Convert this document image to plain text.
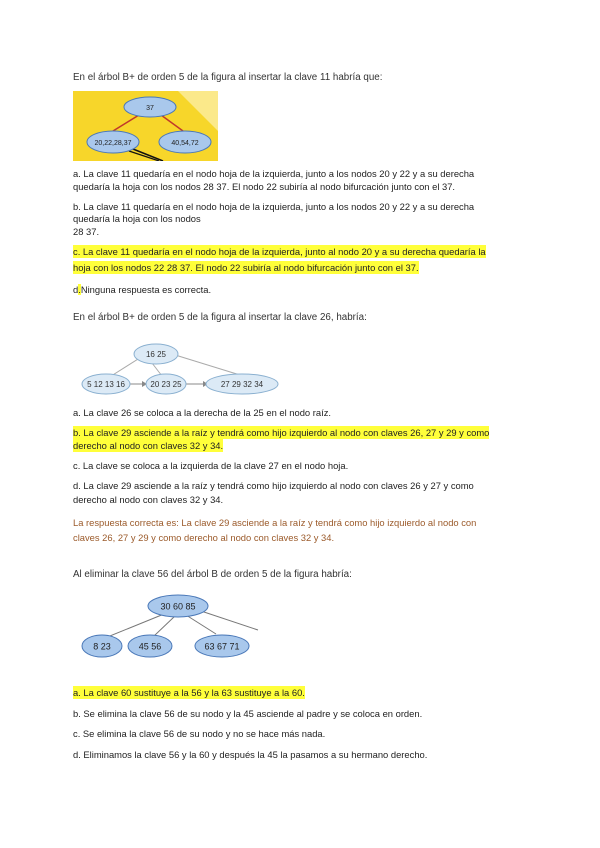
En el árbol B+ de orden 5 de la figura al insertar la clave 11 habría que:
37
20,22,28,37	40,54,72
a. La clave 11 quedaría en el nodo hoja de la izquierda, junto a los nodos 20 y 22 y a su derecha
quedaría la hoja con los nodos 28 37. El nodo 22 subiría al nodo bifurcación junto con el 37.
b. La clave 11 quedaría en el nodo hoja de la izquierda, junto a los nodos 20 y 22 y a su derecha
quedaría la hoja con los nodos
28 37.
c. La clave 11 quedaría en el nodo hoja de la izquierda, junto al nodo 20 y a su derecha quedaría la
hoja con los nodos 22 28 37. El nodo 22 subiría al nodo bifurcación junto con el 37.
d.Ninguna respuesta es correcta.
En el árbol B+ de orden 5 de la figura al insertar la clave 26, habría:
16 25
5 12 13 16	20 23 25	27 29 32 34
a. La clave 26 se coloca a la derecha de la 25 en el nodo raíz.
b. La clave 29 asciende a la raíz y tendrá como hijo izquierdo al nodo con claves 26, 27 y 29 y como
derecho al nodo con claves 32 y 34.
c. La clave se coloca a la izquierda de la clave 27 en el nodo hoja.
d. La clave 29 asciende a la raíz y tendrá como hijo izquierdo al nodo con claves 26 y 27 y como
derecho al nodo con claves 32 y 34.
La respuesta correcta es: La clave 29 asciende a la raíz y tendrá como hijo izquierdo al nodo con
claves 26, 27 y 29 y como derecho al nodo con claves 32 y 34.
Al eliminar la clave 56 del árbol B de orden 5 de la figura habría:
30 60 85
8 23	45 56	63 67 71
a. La clave 60 sustituye a la 56 y la 63 sustituye a la 60.
b. Se elimina la clave 56 de su nodo y la 45 asciende al padre y se coloca en orden.
c. Se elimina la clave 56 de su nodo y no se hace más nada.
d. Eliminamos la clave 56 y la 60 y después la 45 la pasamos a su hermano derecho.
